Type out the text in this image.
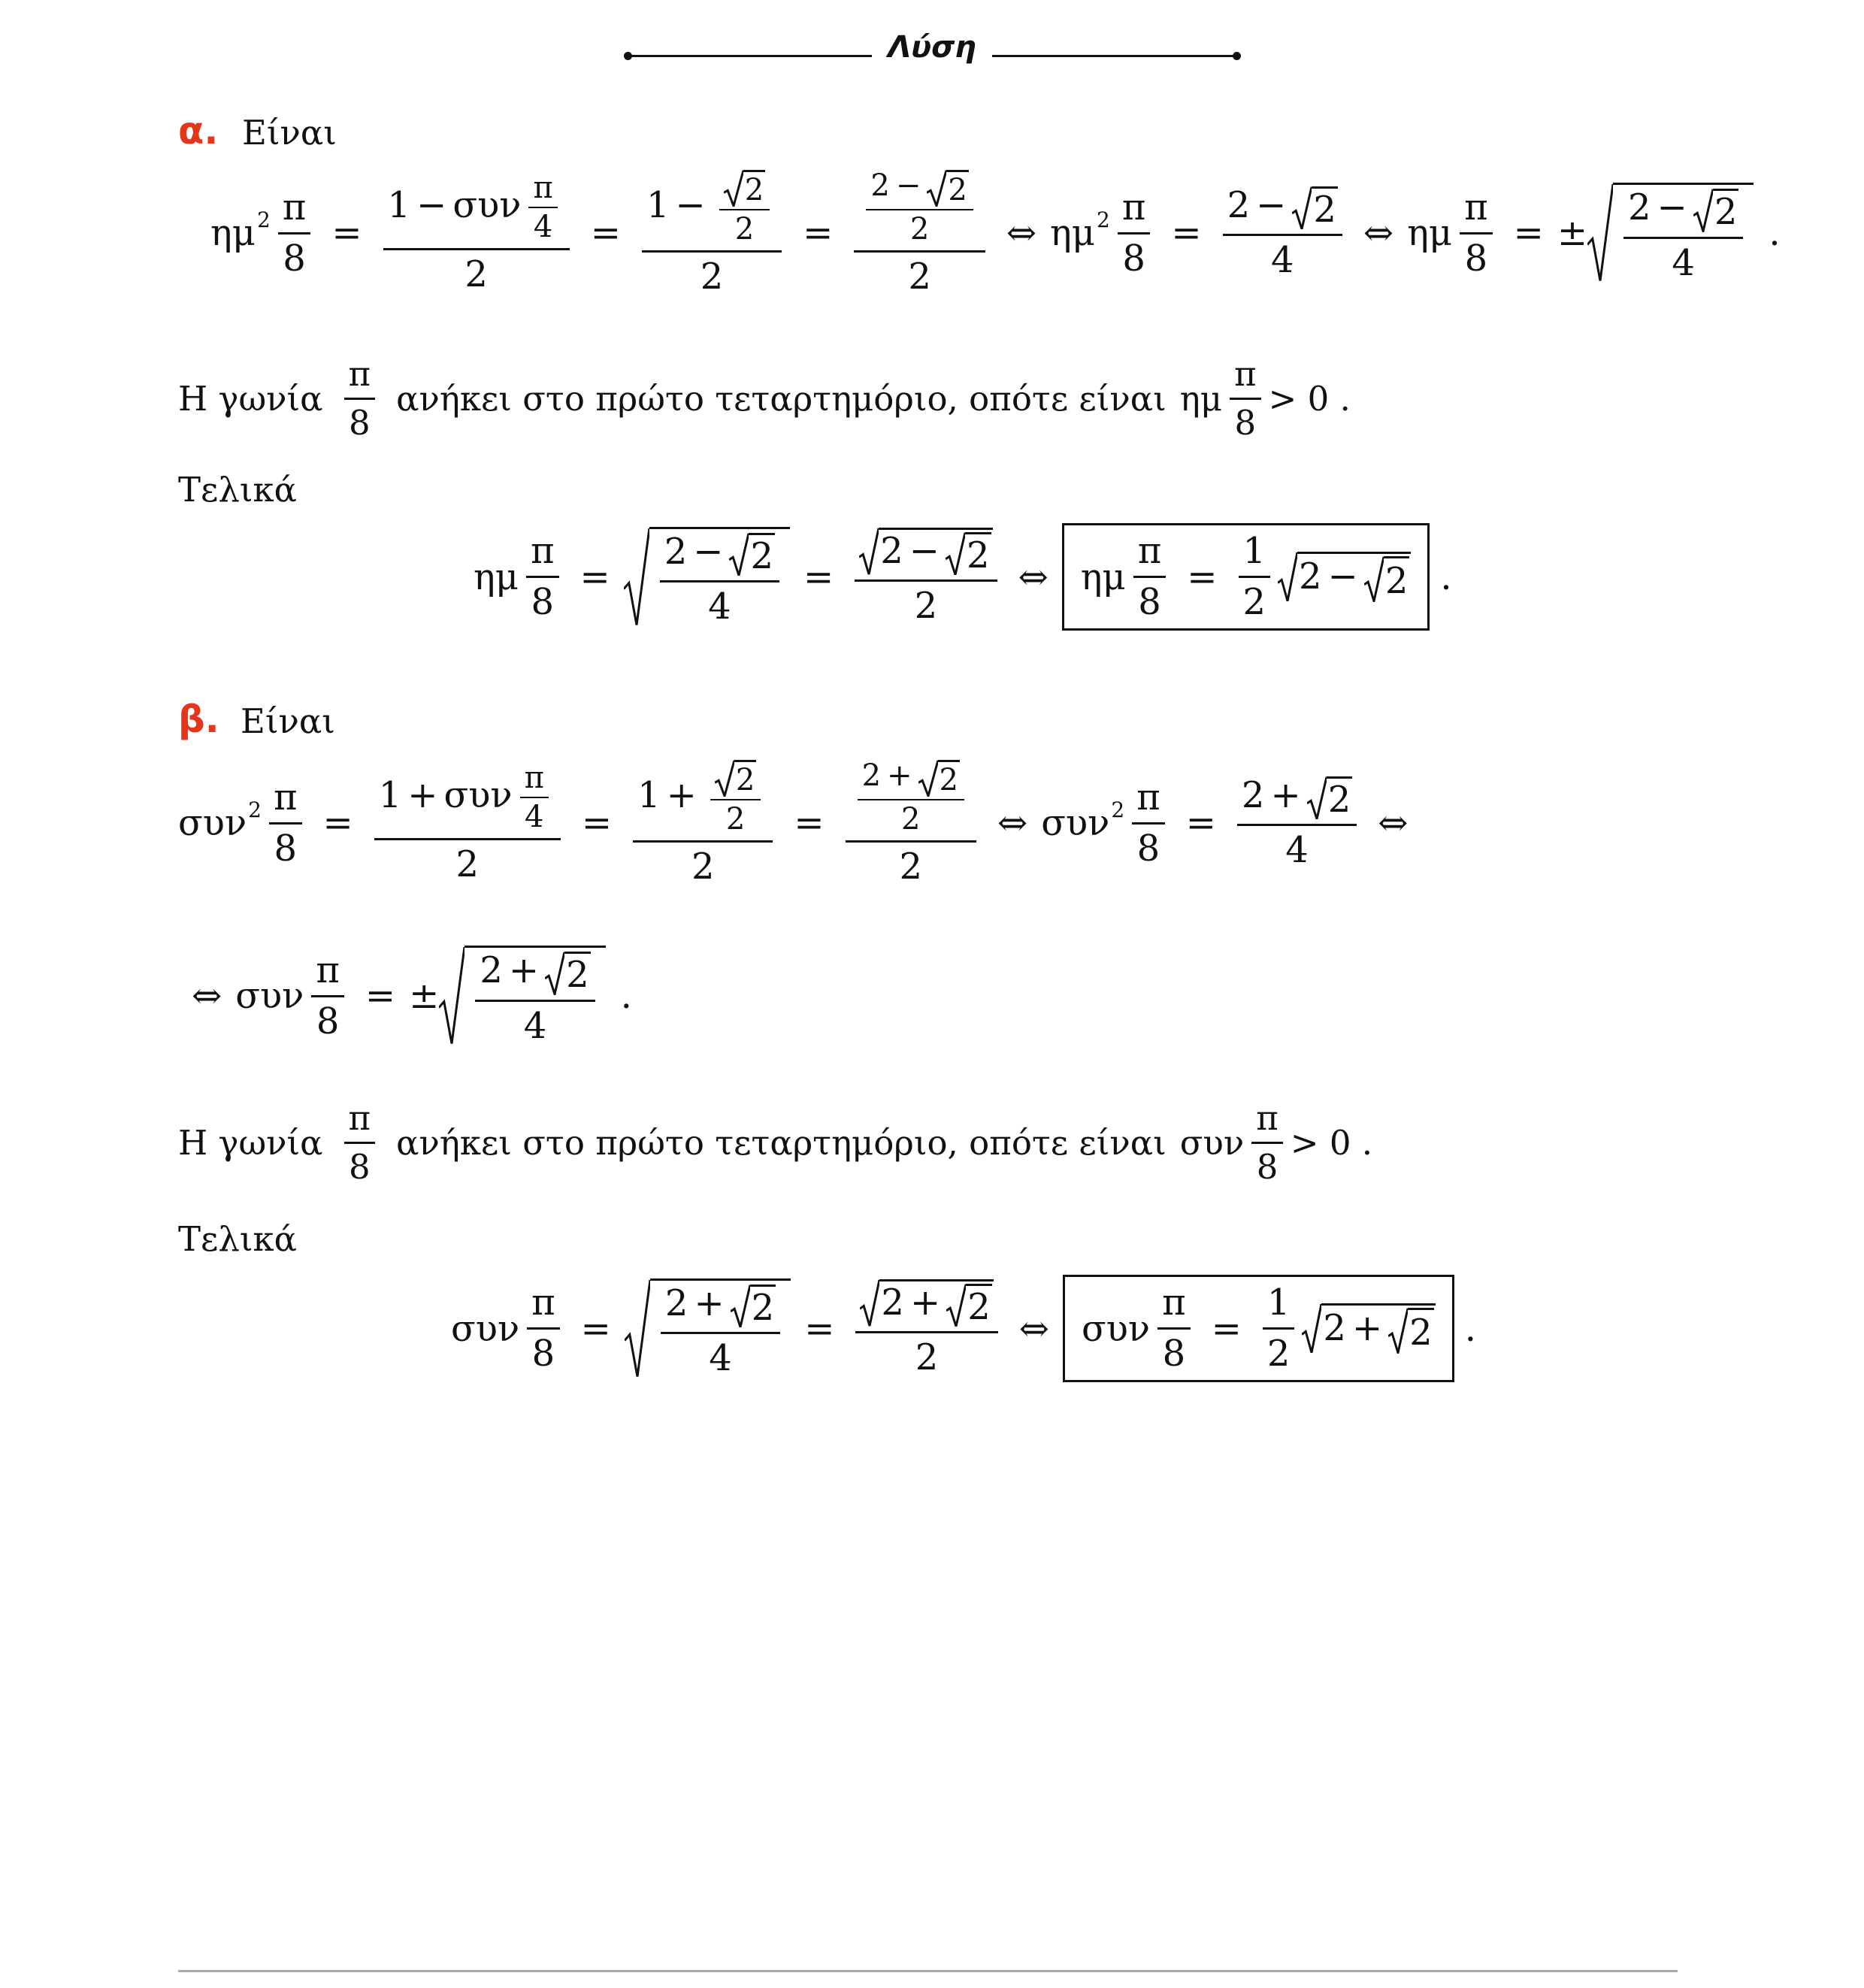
Λύση
α. Είναι
ημ $2 \frac{\pi}{8} = \frac{1 - \sigma\upsilon\nu \frac{\pi}{4}}{2} = \frac{1 - \frac{2}{2}}{2} = \frac{\frac{2 - 2}{2}}{2}$ ⇔ ημ $2 \frac{\pi}{8} = \frac{2 - 2}{4}$ ⇔ ημ $\frac{\pi}{8}$ = ± $\frac{2 - 2}{4}$ .
Η γωνία $\frac{\pi}{8}$ ανήκει στο πρώτο τεταρτημόριο, οπότε είναι ημ $\frac{\pi}{8} > 0$ .
Τελικά
ημ $\frac{\pi}{8} = \frac{2 - 2}{4} = \frac{2 - 2}{2}$ ⇔ ημ $\frac{\pi}{8} = \frac{1}{2} 2 - 2$ .
β. Είναι
συν $2 \frac{\pi}{8} = \frac{1 + \sigma\upsilon\nu \frac{\pi}{4}}{2} = \frac{1 + \frac{2}{2}}{2} = \frac{\frac{2 + 2}{2}}{2}$ ⇔ συν $2 \frac{\pi}{8} = \frac{2 + 2}{4}$ ⇔
⇔ συν $\frac{\pi}{8}$ = ± $\frac{2 + 2}{4}$ .
Η γωνία $\frac{\pi}{8}$ ανήκει στο πρώτο τεταρτημόριο, οπότε είναι συν $\frac{\pi}{8} > 0$ .
Τελικά
συν $\frac{\pi}{8} = \frac{2 + 2}{4} = \frac{2 + 2}{2}$ ⇔ συν $\frac{\pi}{8} = \frac{1}{2} 2 + 2$ .
